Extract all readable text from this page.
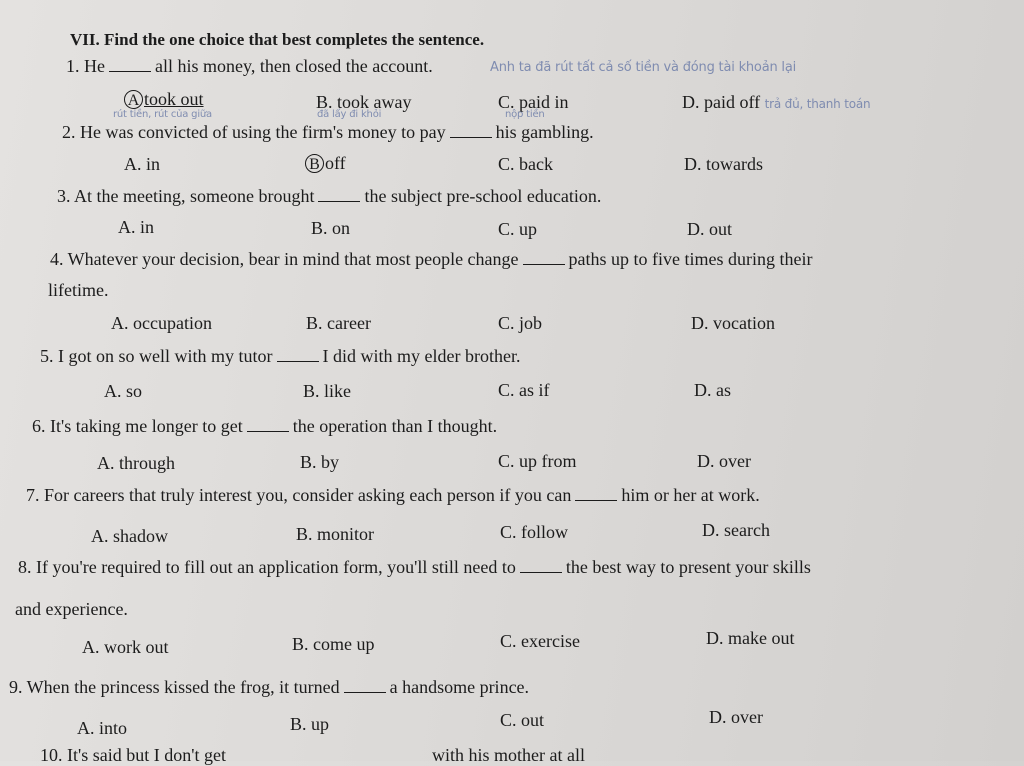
VII. Find the one choice that best completes the sentence.
1. He	all his money, then closed the account.	Anh ta đã rút tất cả số tiền và đóng tài khoản lại
A took out	B. took away	C. paid in	D. paid off trả đủ, thanh toán
rút tiền, rút của giữa	đã lấy đi khỏi	nộp tiền
2. He was convicted of using the firm's money to pay	his gambling.
A. in	B off	C. back	D. towards
3. At the meeting, someone brought	the subject pre-school education.
A. in	B. on	C. up	D. out
4. Whatever your decision, bear in mind that most people change	paths up to five times during their
lifetime.
A. occupation	B. career	C. job	D. vocation
5. I got on so well with my tutor	I did with my elder brother.
A. so	B. like	C. as if	D. as
6. It's taking me longer to get	the operation than I thought.
A. through	B. by	C. up from	D. over
7. For careers that truly interest you, consider asking each person if you can	him or her at work.
A. shadow	B. monitor	C. follow	D. search
8. If you're required to fill out an application form, you'll still need to	the best way to present your skills
and experience.
A. work out	B. come up	C. exercise	D. make out
9. When the princess kissed the frog, it turned	a handsome prince.
A. into	B. up	C. out	D. over
10. It's said but I don't get	with his mother at all
